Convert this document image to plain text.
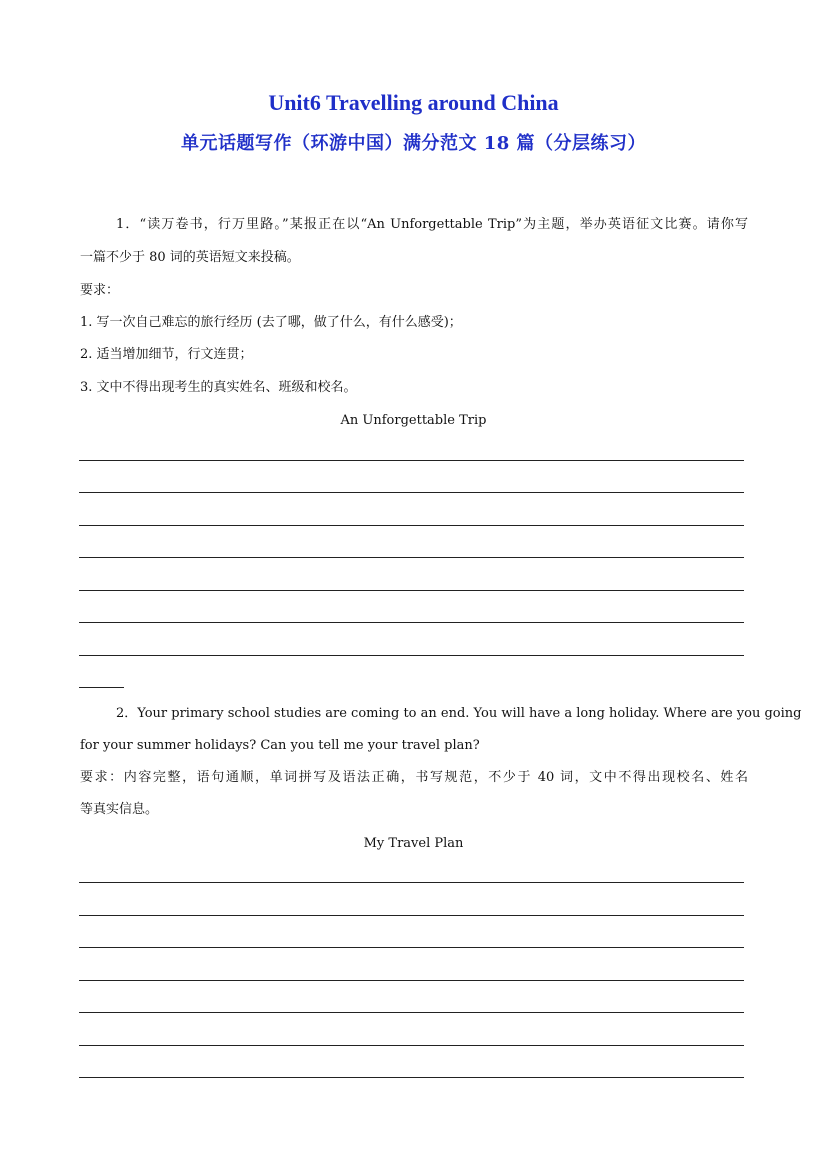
Unit6 Travelling around China
单元话题写作（环游中国）满分范文 18 篇（分层练习）
1．“读万卷书，行万里路。”某报正在以“An Unforgettable Trip”为主题，举办英语征文比赛。请你写
一篇不少于 80 词的英语短文来投稿。
要求：
1. 写一次自己难忘的旅行经历 (去了哪，做了什么，有什么感受)；
2. 适当增加细节，行文连贯；
3. 文中不得出现考生的真实姓名、班级和校名。
An Unforgettable Trip
2．Your primary school studies are coming to an end. You will have a long holiday. Where are you going
for your summer holidays? Can you tell me your travel plan?
要求：内容完整，语句通顺，单词拼写及语法正确，书写规范，不少于 40 词，文中不得出现校名、姓名
等真实信息。
My Travel Plan
